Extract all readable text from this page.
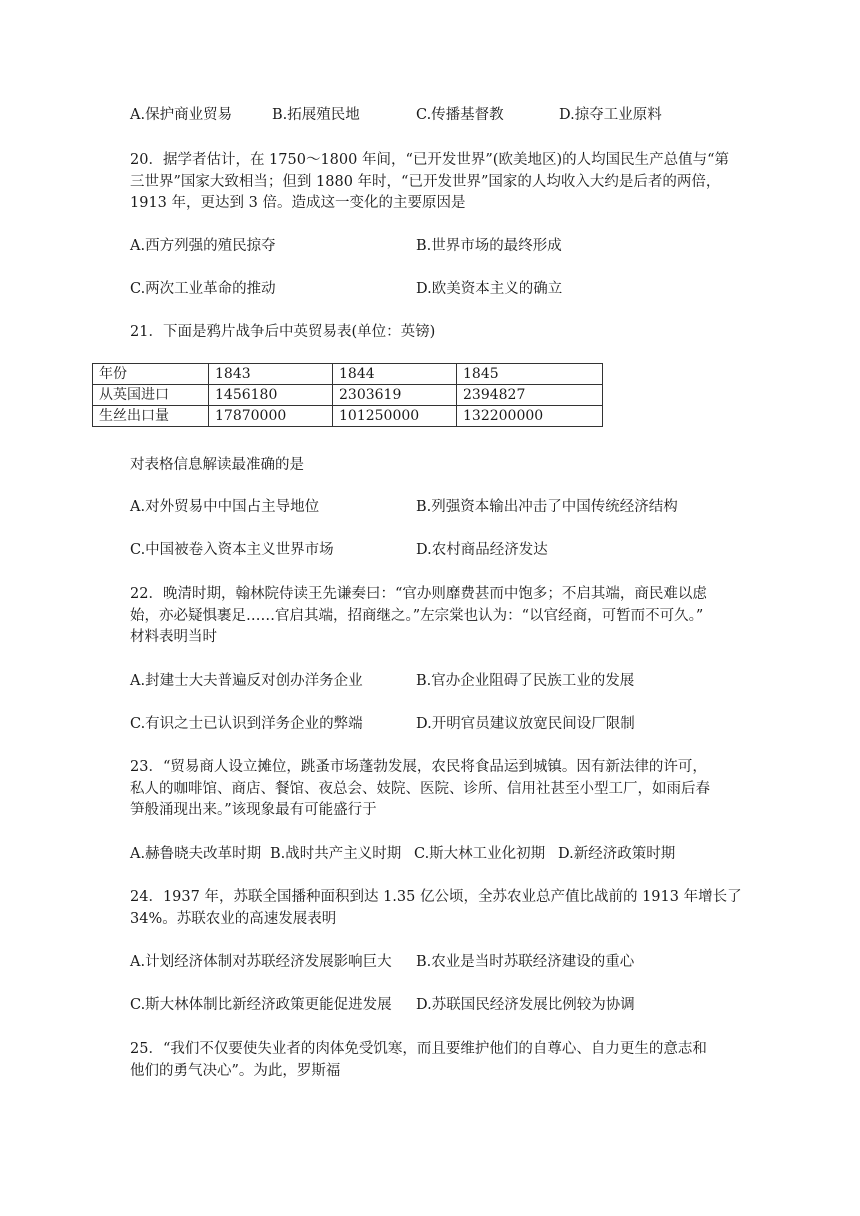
A.保护商业贸易	B.拓展殖民地	C.传播基督教	D.掠夺工业原料
20．据学者估计，在 1750～1800 年间，“已开发世界”(欧美地区)的人均国民生产总值与“第
三世界”国家大致相当；但到 1880 年时，“已开发世界”国家的人均收入大约是后者的两倍，
1913 年，更达到 3 倍。造成这一变化的主要原因是
A.西方列强的殖民掠夺	B.世界市场的最终形成
C.两次工业革命的推动	D.欧美资本主义的确立
21．下面是鸦片战争后中英贸易表(单位：英镑)
年份	1843	1844	1845
从英国进口	1456180	2303619	2394827
生丝出口量	17870000	101250000	132200000
对表格信息解读最准确的是
A.对外贸易中中国占主导地位	B.列强资本输出冲击了中国传统经济结构
C.中国被卷入资本主义世界市场	D.农村商品经济发达
22．晚清时期，翰林院侍读王先谦奏曰：“官办则靡费甚而中饱多；不启其端，商民难以虑
始，亦必疑惧裹足……官启其端，招商继之。”左宗棠也认为：“以官经商，可暂而不可久。”
材料表明当时
A.封建士大夫普遍反对创办洋务企业	B.官办企业阻碍了民族工业的发展
C.有识之士已认识到洋务企业的弊端	D.开明官员建议放宽民间设厂限制
23．“贸易商人设立摊位，跳蚤市场蓬勃发展，农民将食品运到城镇。因有新法律的许可，
私人的咖啡馆、商店、餐馆、夜总会、妓院、医院、诊所、信用社甚至小型工厂，如雨后春
笋般涌现出来。”该现象最有可能盛行于
A.赫鲁晓夫改革时期 B.战时共产主义时期 C.斯大林工业化初期 D.新经济政策时期
24．1937 年，苏联全国播种面积到达 1.35 亿公顷，全苏农业总产值比战前的 1913 年增长了
34%。苏联农业的高速发展表明
A.计划经济体制对苏联经济发展影响巨大 B.农业是当时苏联经济建设的重心
C.斯大林体制比新经济政策更能促进发展 D.苏联国民经济发展比例较为协调
25．“我们不仅要使失业者的肉体免受饥寒，而且要维护他们的自尊心、自力更生的意志和
他们的勇气决心”。为此，罗斯福
